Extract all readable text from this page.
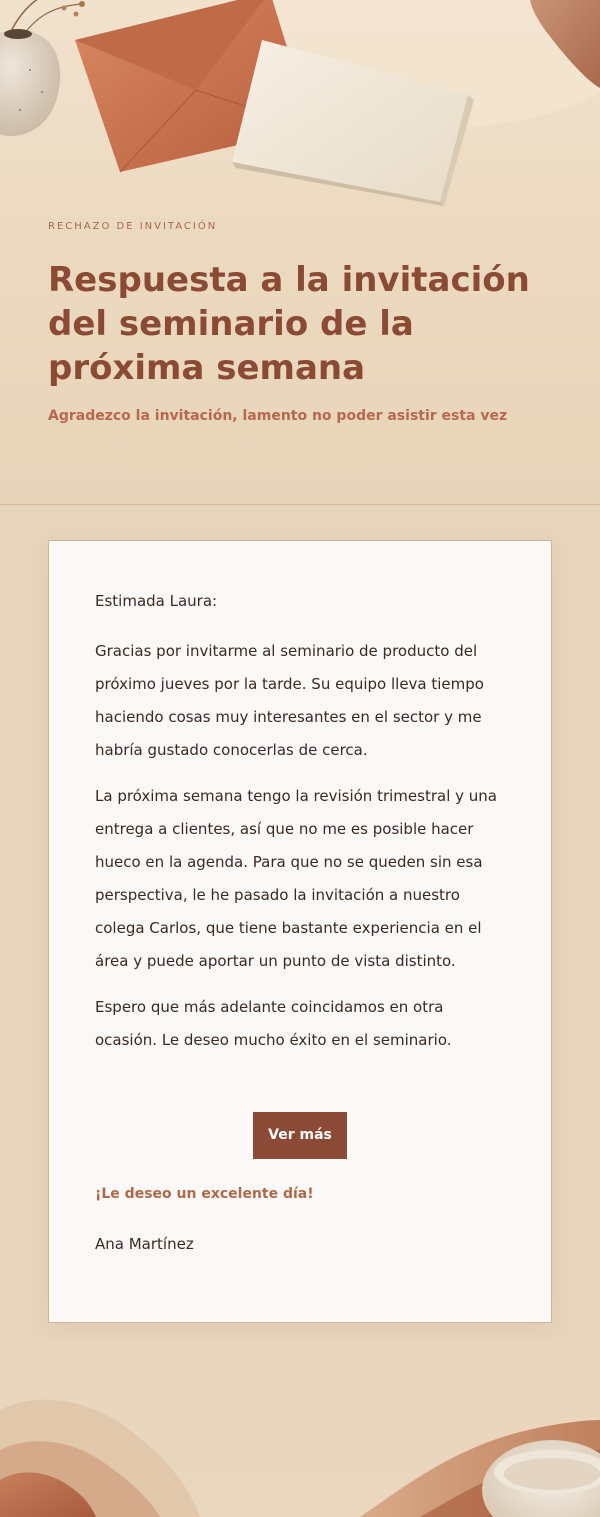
RECHAZO DE INVITACIÓN

Respuesta a la invitación del seminario de la próxima semana

Agradezco la invitación, lamento no poder asistir esta vez

Estimada Laura:

Gracias por invitarme al seminario de producto del próximo jueves por la tarde. Su equipo lleva tiempo haciendo cosas muy interesantes en el sector y me habría gustado conocerlas de cerca.

La próxima semana tengo la revisión trimestral y una entrega a clientes, así que no me es posible hacer hueco en la agenda. Para que no se queden sin esa perspectiva, le he pasado la invitación a nuestro colega Carlos, que tiene bastante experiencia en el área y puede aportar un punto de vista distinto.

Espero que más adelante coincidamos en otra ocasión. Le deseo mucho éxito en el seminario.

Ver más

¡Le deseo un excelente día!

Ana Martínez
